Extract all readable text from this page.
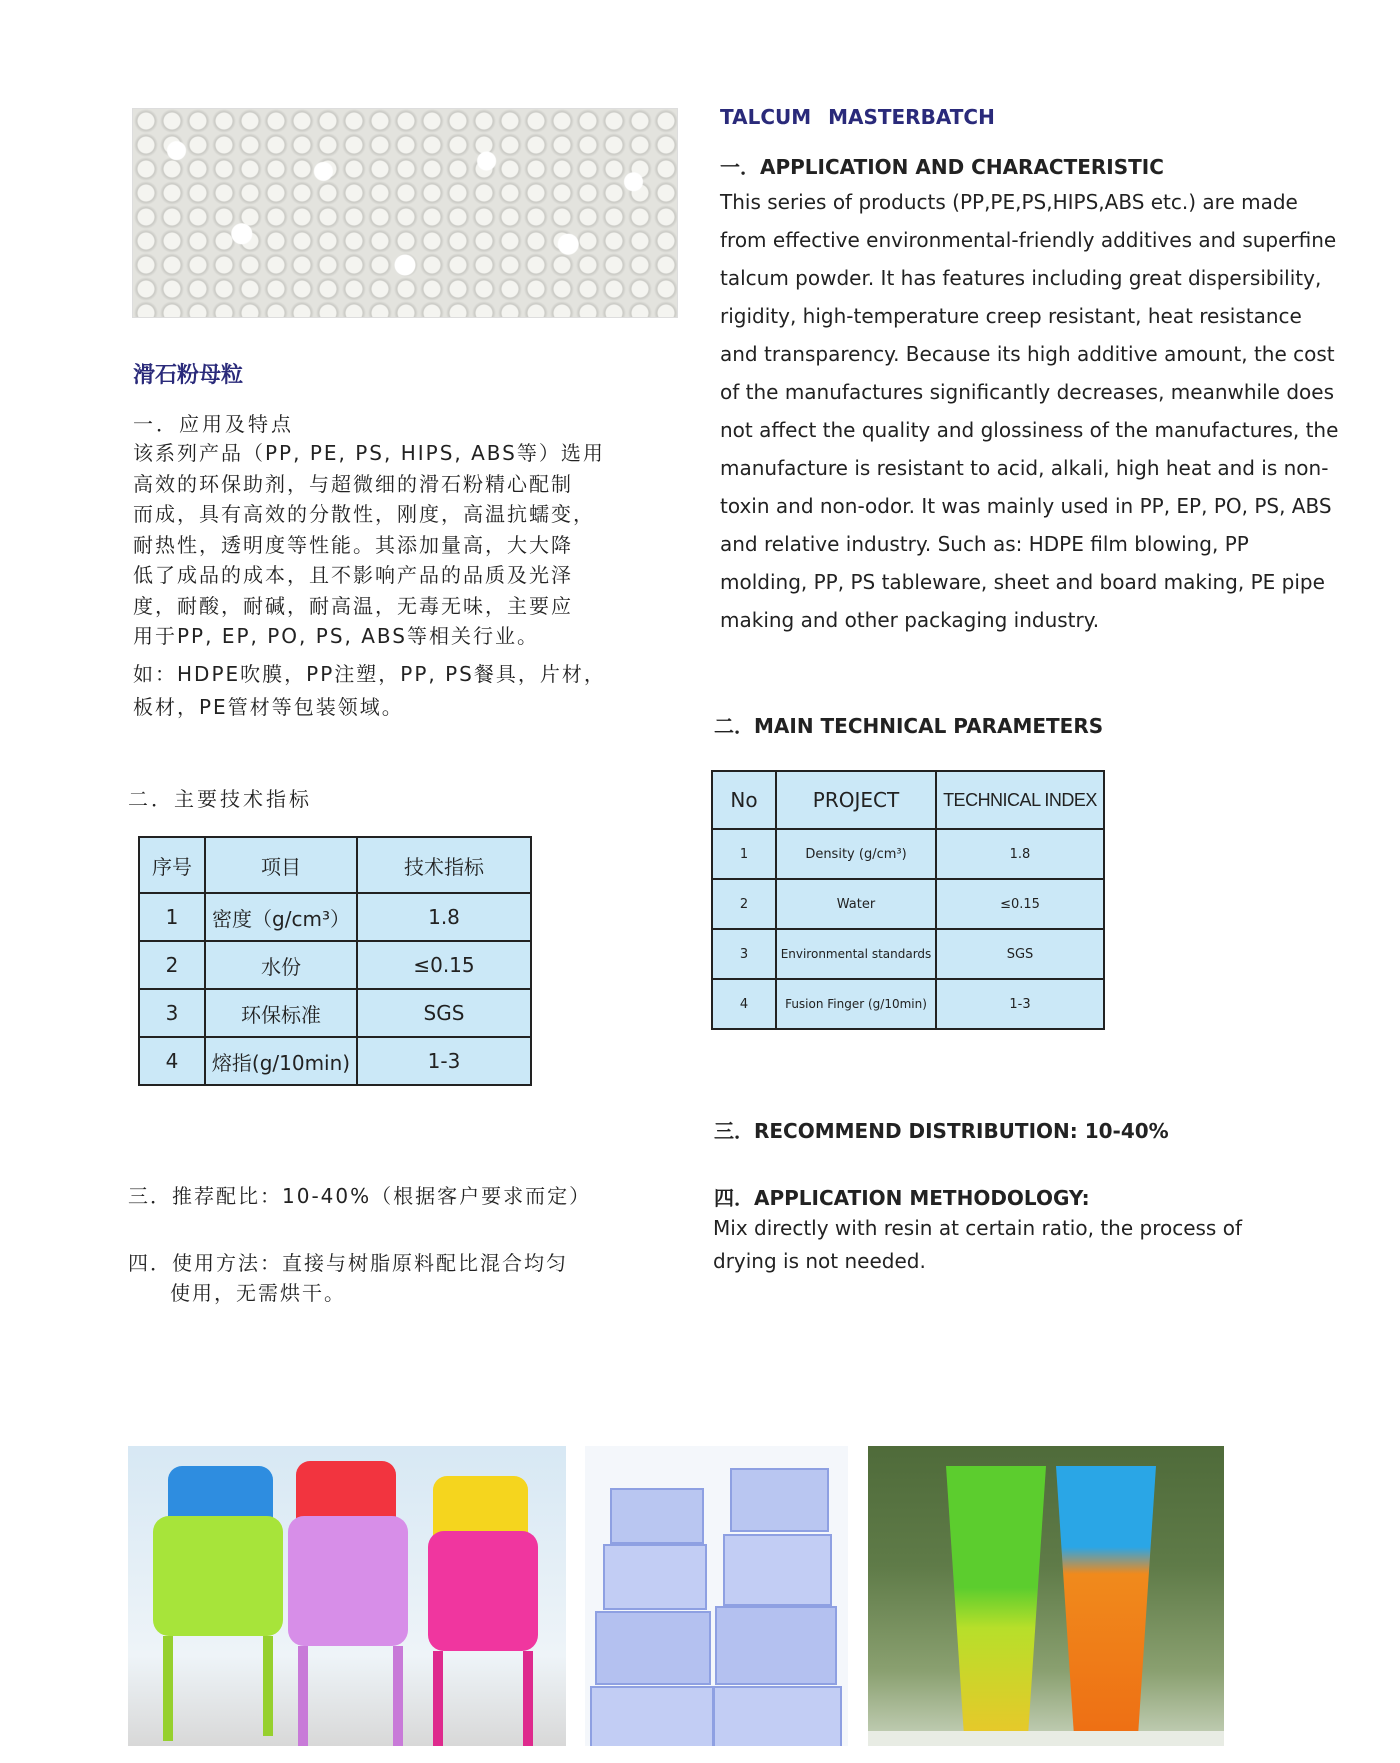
滑石粉母粒
一．应用及特点

该系列产品（PP, PE, PS, HIPS, ABS等）选用

高效的环保助剂，与超微细的滑石粉精心配制

而成，具有高效的分散性，刚度，高温抗蠕变，

耐热性，透明度等性能。其添加量高，大大降

低了成品的成本，且不影响产品的品质及光泽

度，耐酸，耐碱，耐高温，无毒无味，主要应

用于PP, EP, PO, PS, ABS等相关行业。

如：HDPE吹膜，PP注塑，PP, PS餐具，片材，

板材，PE管材等包装领域。

二．主要技术指标
序号	项目	技术指标
1	密度（g/cm³）	1.8
2	水份	≤0.15
3	环保标准	SGS
4	熔指(g/10min)	1-3
三．推荐配比：10-40%（根据客户要求而定）
四．使用方法：直接与树脂原料配比混合均匀
使用，无需烘干。
TALCUM MASTERBATCH
一．APPLICATION AND CHARACTERISTIC

This series of products (PP,PE,PS,HIPS,ABS etc.) are made from effective environmental-friendly additives and superfine talcum powder. It has features including great dispersibility, rigidity, high-temperature creep resistant, heat resistance and transparency. Because its high additive amount, the cost of the manufactures significantly decreases, meanwhile does not affect the quality and glossiness of the manufactures, the manufacture is resistant to acid, alkali, high heat and is non-toxin and non-odor. It was mainly used in PP, EP, PO, PS, ABS and relative industry. Such as: HDPE film blowing, PP molding, PP, PS tableware, sheet and board making, PE pipe making and other packaging industry.

二．MAIN TECHNICAL PARAMETERS
No	PROJECT	TECHNICAL INDEX
1	Density (g/cm³)	1.8
2	Water	≤0.15
3	Environmental standards	SGS
4	Fusion Finger (g/10min)	1-3
三．RECOMMEND DISTRIBUTION: 10-40%
四．APPLICATION METHODOLOGY:

Mix directly with resin at certain ratio, the process of drying is not needed.
